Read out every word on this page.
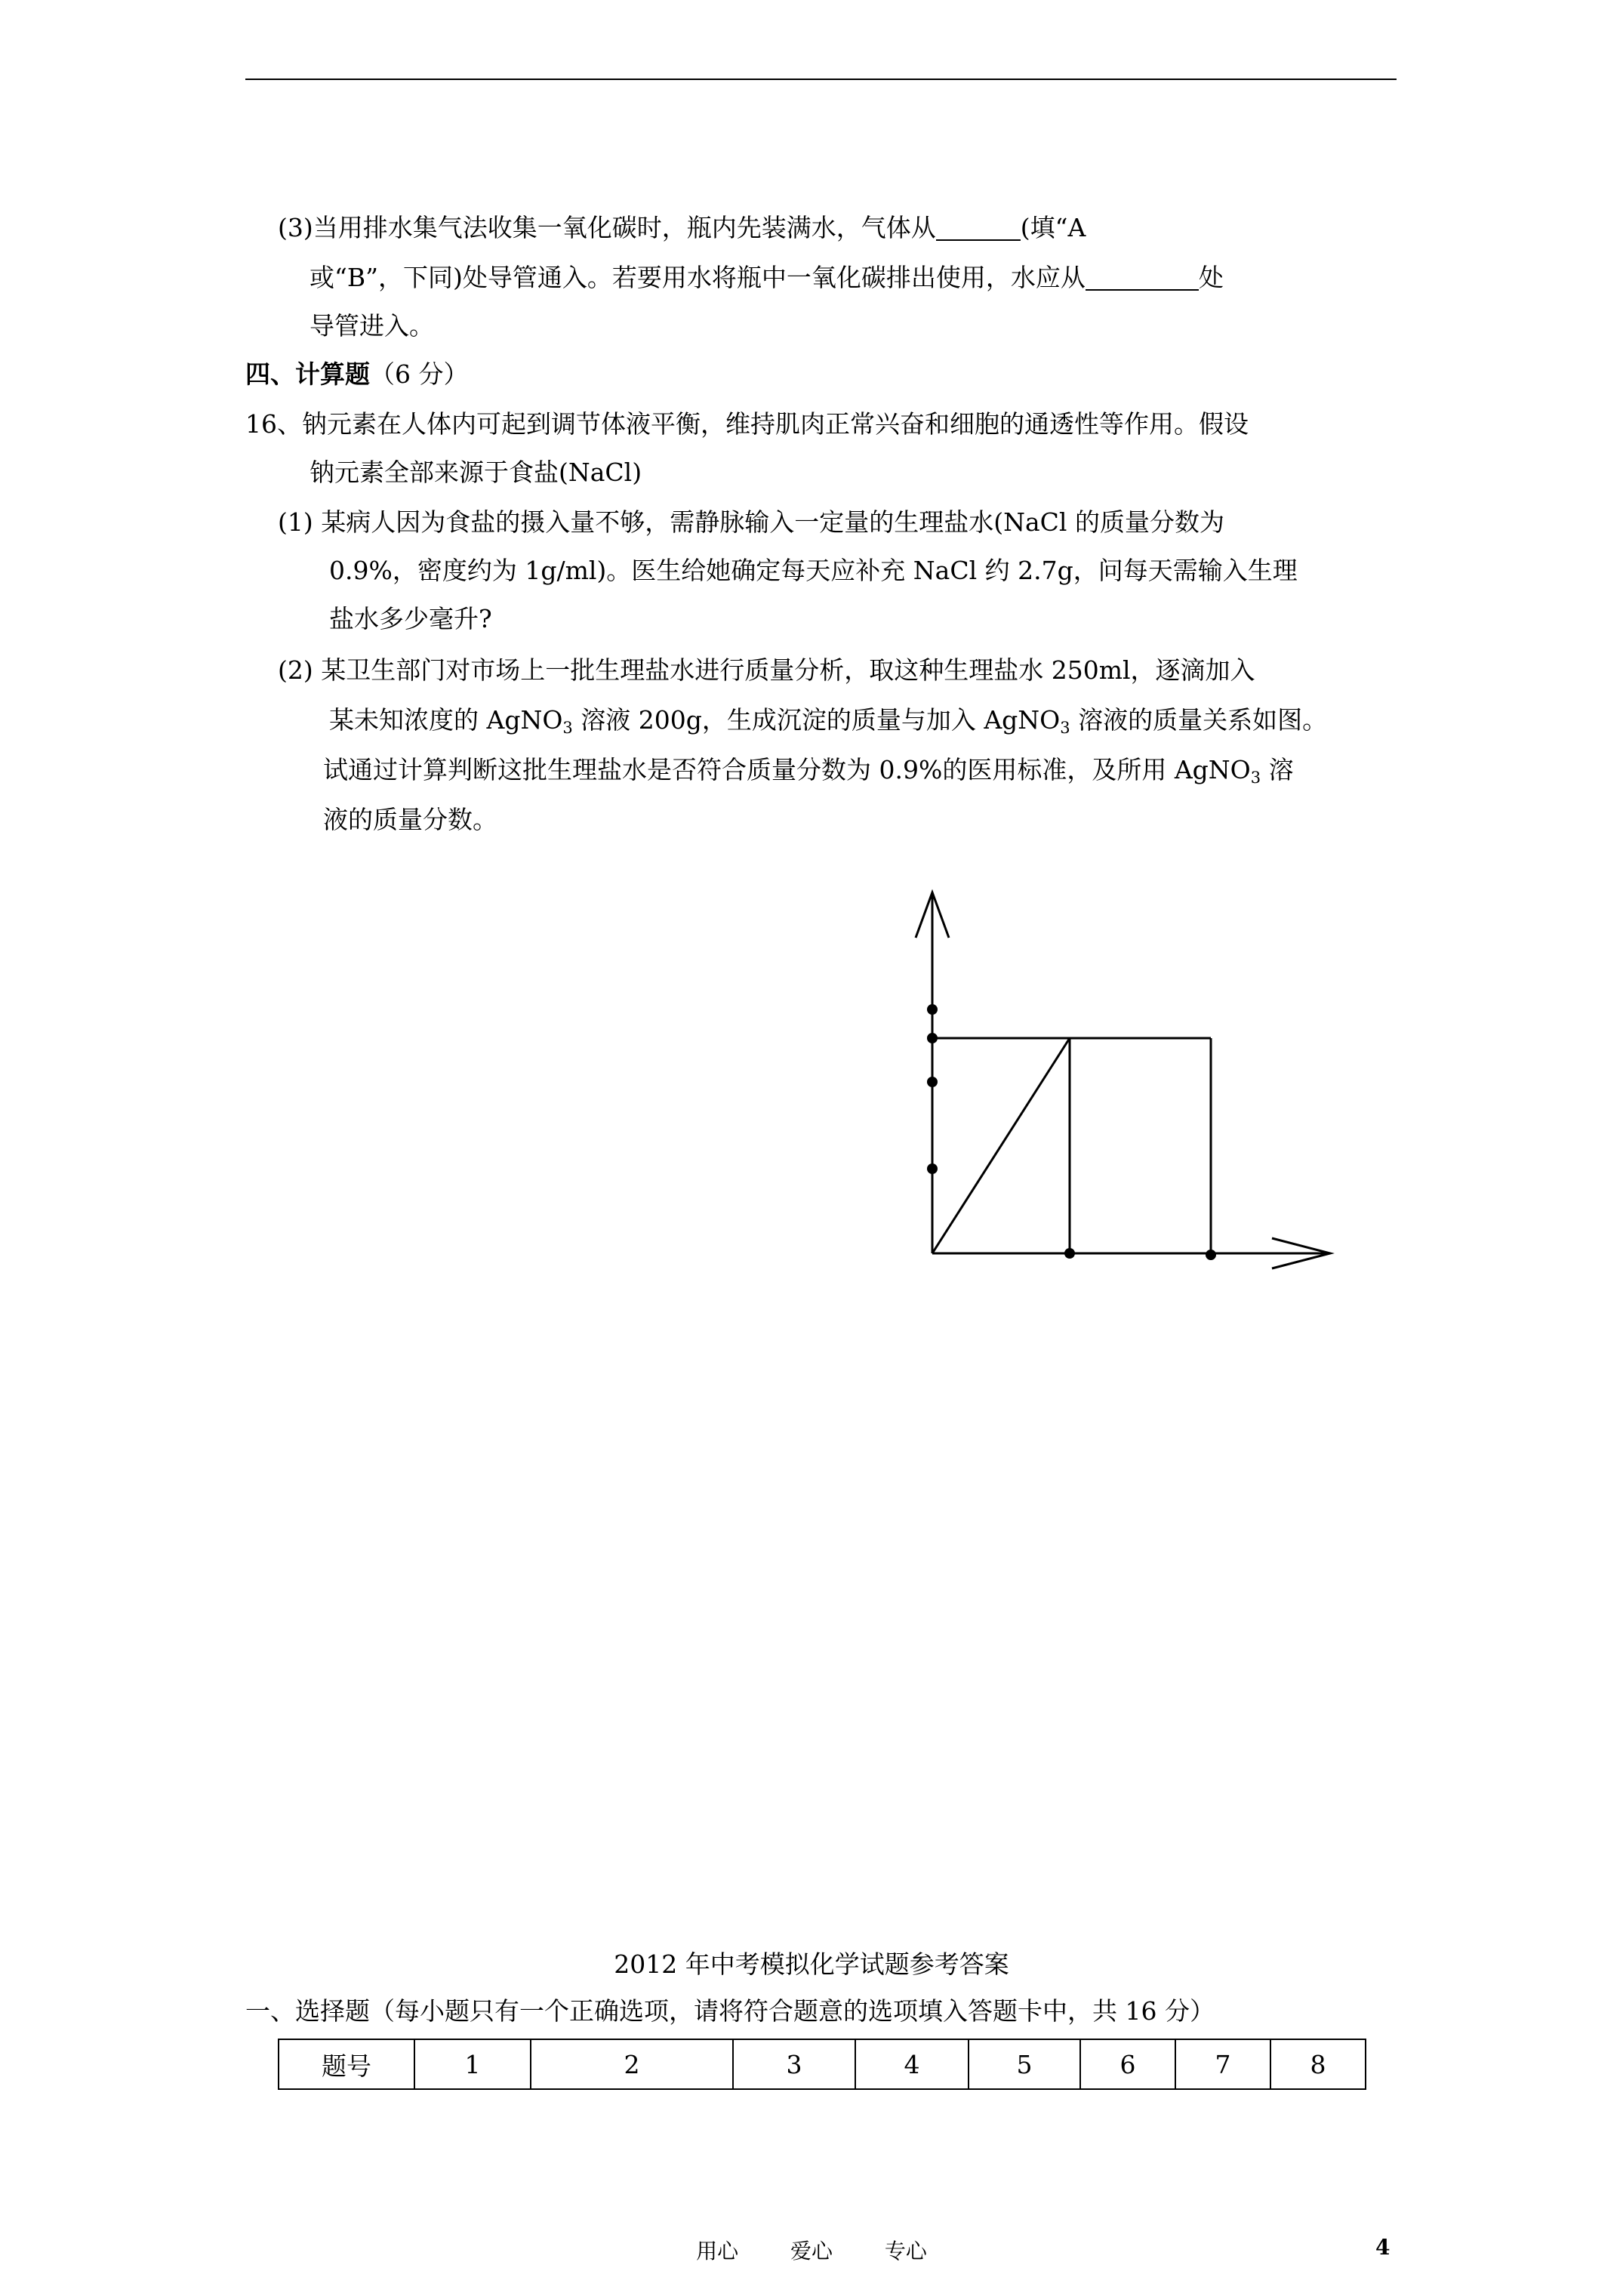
(3)当用排水集气法收集一氧化碳时，瓶内先装满水，气体从	(填“A
或“B”，下同)处导管通入。若要用水将瓶中一氧化碳排出使用，水应从	处
导管进入。
四、计算题（6 分）
16、钠元素在人体内可起到调节体液平衡，维持肌肉正常兴奋和细胞的通透性等作用。假设
钠元素全部来源于食盐(NaCl)
(1) 某病人因为食盐的摄入量不够，需静脉输入一定量的生理盐水(NaCl 的质量分数为
0.9%，密度约为 1g/ml)。医生给她确定每天应补充 NaCl 约 2.7g，问每天需输入生理
盐水多少毫升?
(2) 某卫生部门对市场上一批生理盐水进行质量分析，取这种生理盐水 250ml，逐滴加入
某未知浓度的 AgNO$_3$ 溶液 200g，生成沉淀的质量与加入 AgNO$_3$ 溶液的质量关系如图。
试通过计算判断这批生理盐水是否符合质量分数为 0.9%的医用标准，及所用 AgNO$_3$ 溶
液的质量分数。
2012 年中考模拟化学试题参考答案
一、选择题（每小题只有一个正确选项，请将符合题意的选项填入答题卡中，共 16 分）
题号	1	2	3	4	5	6	7	8
用心 爱心 专心	4
